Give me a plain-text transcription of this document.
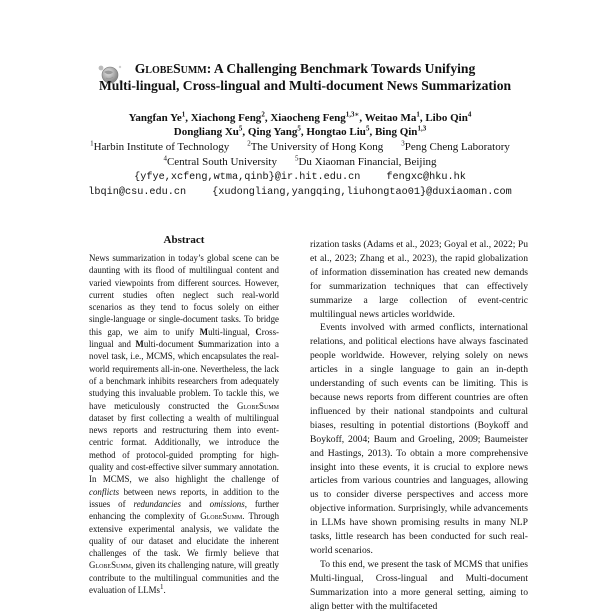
GlobeSumm: A Challenging Benchmark Towards Unifying
Multi-lingual, Cross-lingual and Multi-document News Summarization

Yangfan Ye$^1$, Xiachong Feng$^2$, Xiaocheng Feng$^{1,3∗}$, Weitao Ma$^1$, Libo Qin$^4$
Dongliang Xu$^5$, Qing Yang$^5$, Hongtao Liu$^5$, Bing Qin$^{1,3}$
$^1$Harbin Institute of Technology	$^2$The University of Hong Kong	$^3$Peng Cheng Laboratory
$^4$Central South University	$^5$Du Xiaoman Financial, Beijing
{yfye,xcfeng,wtma,qinb}@ir.hit.edu.cn	fengxc@hku.hk
lbqin@csu.edu.cn	{xudongliang,yangqing,liuhongtao01}@duxiaoman.com

Abstract

News summarization in today’s global scene can be daunting with its flood of multilingual content and varied viewpoints from different sources. However, current studies often neglect such real-world scenarios as they tend to focus solely on either single-language or single-document tasks. To bridge this gap, we aim to unify Multi-lingual, Cross-lingual and Multi-document Summarization into a novel task, i.e., MCMS, which encapsulates the real-world requirements all-in-one. Nevertheless, the lack of a benchmark inhibits researchers from adequately studying this invaluable problem. To tackle this, we have meticulously constructed the GlobeSumm dataset by first collecting a wealth of multilingual news reports and restructuring them into event-centric format. Additionally, we introduce the method of protocol-guided prompting for high-quality and cost-effective silver summary annotation. In MCMS, we also highlight the challenge of conflicts between news reports, in addition to the issues of redundancies and omissions, further enhancing the complexity of GlobeSumm. Through extensive experimental analysis, we validate the quality of our dataset and elucidate the inherent challenges of the task. We firmly believe that GlobeSumm, given its challenging nature, will greatly contribute to the multilingual communities and the evaluation of LLMs$^1$.

rization tasks (Adams et al., 2023; Goyal et al., 2022; Pu et al., 2023; Zhang et al., 2023), the rapid globalization of information dissemination has created new demands for summarization techniques that can effectively summarize a large collection of event-centric multilingual news articles worldwide.

Events involved with armed conflicts, international relations, and political elections have always fascinated people worldwide. However, relying solely on news articles in a single language to gain an in-depth understanding of such events can be limiting. This is because news reports from different countries are often influenced by their national standpoints and cultural biases, resulting in potential distortions (Boykoff and Boykoff, 2004; Baum and Groeling, 2009; Baumeister and Hastings, 2013). To obtain a more comprehensive insight into these events, it is crucial to explore news articles from various countries and languages, allowing us to consider diverse perspectives and access more objective information. Surprisingly, while advancements in LLMs have shown promising results in many NLP tasks, little research has been conducted for such real-world scenarios.

To this end, we present the task of MCMS that unifies Multi-lingual, Cross-lingual and Multi-document Summarization into a more general setting, aiming to align better with the multifaceted
